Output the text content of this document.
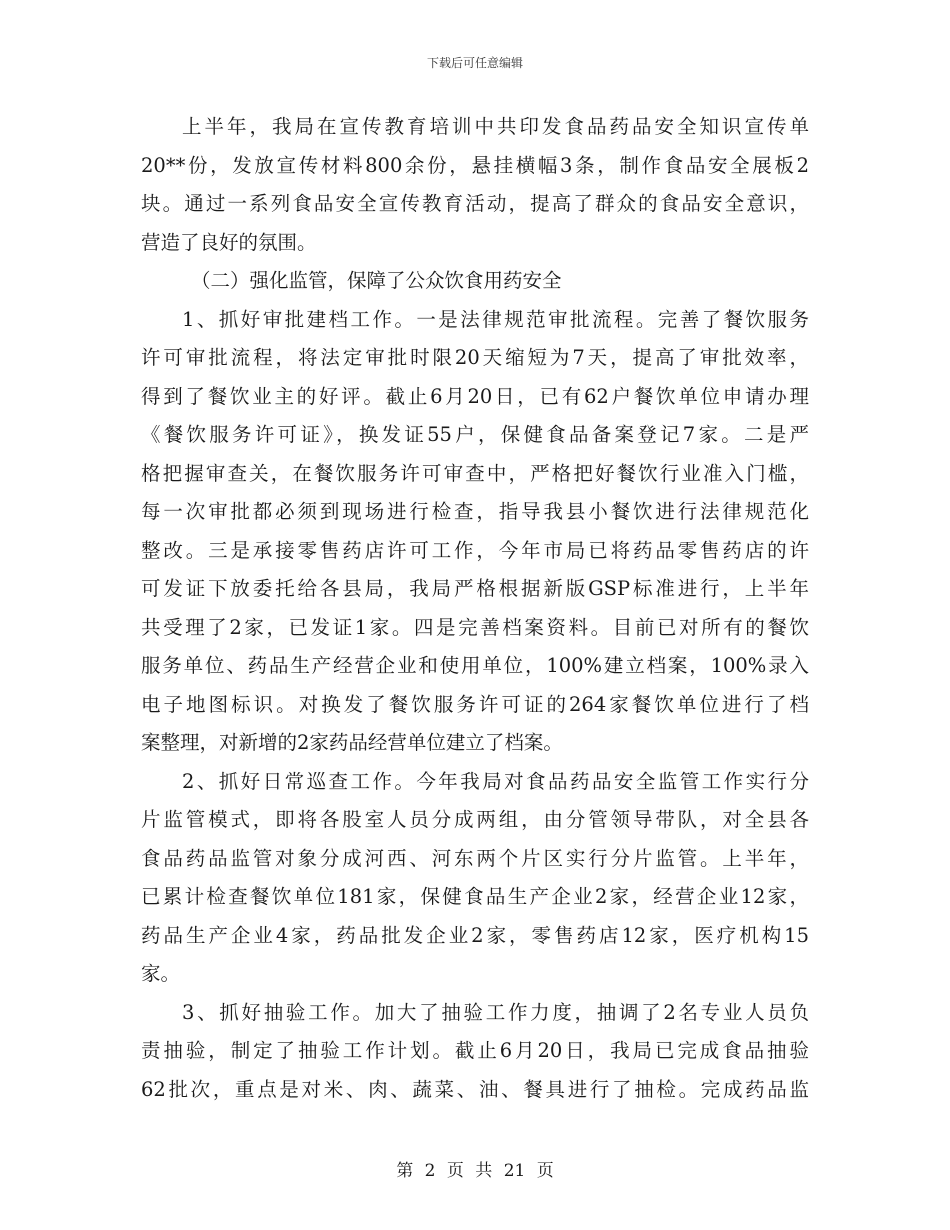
下载后可任意编辑
上半年，我局在宣传教育培训中共印发食品药品安全知识宣传单
20**份，发放宣传材料800余份，悬挂横幅3条，制作食品安全展板2
块。通过一系列食品安全宣传教育活动，提高了群众的食品安全意识，
营造了良好的氛围。
（二）强化监管，保障了公众饮食用药安全
1、抓好审批建档工作。一是法律规范审批流程。完善了餐饮服务
许可审批流程，将法定审批时限20天缩短为7天，提高了审批效率，
得到了餐饮业主的好评。截止6月20日，已有62户餐饮单位申请办理
《餐饮服务许可证》，换发证55户，保健食品备案登记7家。二是严
格把握审查关，在餐饮服务许可审查中，严格把好餐饮行业准入门槛，
每一次审批都必须到现场进行检查，指导我县小餐饮进行法律规范化
整改。三是承接零售药店许可工作，今年市局已将药品零售药店的许
可发证下放委托给各县局，我局严格根据新版GSP标准进行，上半年
共受理了2家，已发证1家。四是完善档案资料。目前已对所有的餐饮
服务单位、药品生产经营企业和使用单位，100%建立档案，100%录入
电子地图标识。对换发了餐饮服务许可证的264家餐饮单位进行了档
案整理，对新增的2家药品经营单位建立了档案。
2、抓好日常巡查工作。今年我局对食品药品安全监管工作实行分
片监管模式，即将各股室人员分成两组，由分管领导带队，对全县各
食品药品监管对象分成河西、河东两个片区实行分片监管。上半年，
已累计检查餐饮单位181家，保健食品生产企业2家，经营企业12家，
药品生产企业4家，药品批发企业2家，零售药店12家，医疗机构15
家。
3、抓好抽验工作。加大了抽验工作力度，抽调了2名专业人员负
责抽验，制定了抽验工作计划。截止6月20日，我局已完成食品抽验
62批次，重点是对米、肉、蔬菜、油、餐具进行了抽检。完成药品监
第 2 页 共 21 页
